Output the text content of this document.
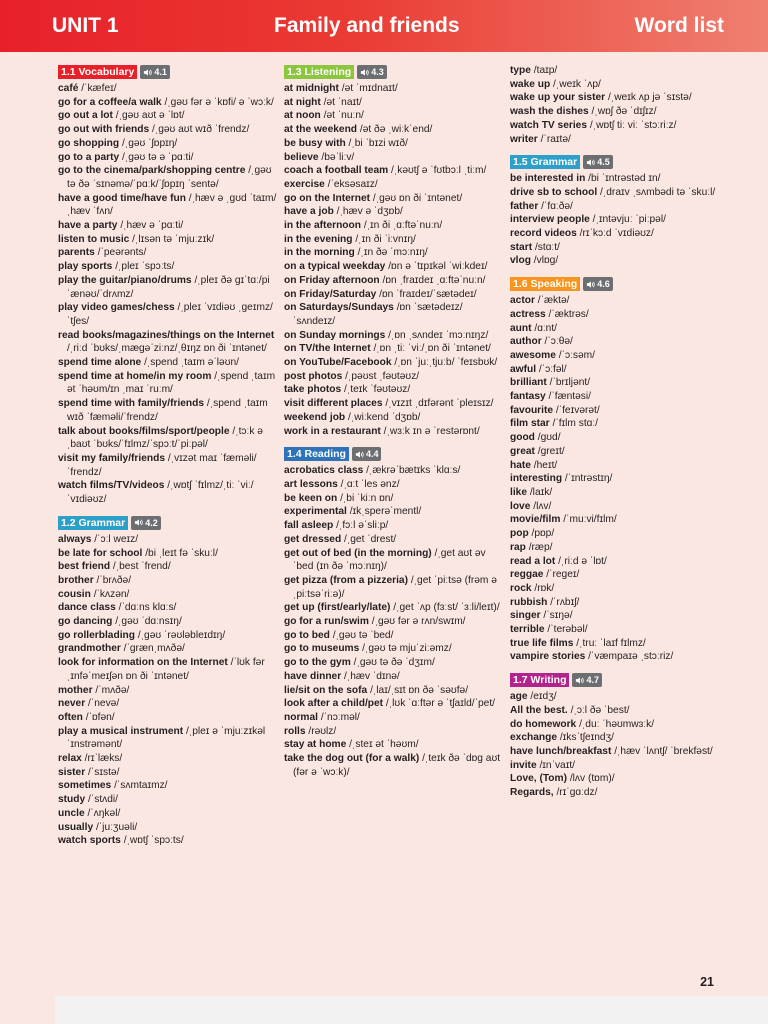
UNIT 1	Family and friends	Word list
1.1 Vocabulary	4.1
café /ˈkæfeɪ/
go for a coffee/a walk /ˌɡəʊ fər ə ˈkɒfi/ ə ˈwɔːk/
go out a lot /ˌɡəʊ aʊt ə ˈlɒt/
go out with friends /ˌɡəʊ aʊt wɪð ˈfrendz/
go shopping /ˌɡəʊ ˈʃɒpɪŋ/
go to a party /ˌɡəʊ tə ə ˈpɑːti/
go to the cinema/park/shopping centre /ˌɡəʊ tə ðə ˈsɪnəmə/ˈpɑːk/ˈʃɒpɪŋ ˈsentə/
have a good time/have fun /ˌhæv ə ˌɡʊd ˈtaɪm/ˌhæv ˈfʌn/
have a party /ˌhæv ə ˈpɑːti/
listen to music /ˌlɪsən tə ˈmjuːzɪk/
parents /ˈpeərənts/
play sports /ˌpleɪ ˈspɔːts/
play the guitar/piano/drums /ˌpleɪ ðə ɡɪˈtɑː/piˈænəʊ/ˈdrʌmz/
play video games/chess /ˌpleɪ ˈvɪdiəʊ ˌɡeɪmz/ˈtʃes/
read books/magazines/things on the Internet /ˌriːd ˈbʊks/ˌmæɡəˈziːnz/ˌθɪŋz ɒn ði ˈɪntənet/
spend time alone /ˌspend ˌtaɪm əˈləʊn/
spend time at home/in my room /ˌspend ˌtaɪm ət ˈhəʊm/ɪn ˌmaɪ ˈruːm/
spend time with family/friends /ˌspend ˌtaɪm wɪð ˈfæməli/ˈfrendz/
talk about books/films/sport/people /ˌtɔːk əˌbaʊt ˈbʊks/ˈfɪlmz/ˈspɔːt/ˈpiːpəl/
visit my family/friends /ˌvɪzət maɪ ˈfæməli/ˈfrendz/
watch films/TV/videos /ˌwɒtʃ ˈfɪlmz/ˌtiː ˈviː/ˈvɪdiəʊz/
1.2 Grammar	4.2
always /ˈɔːl weɪz/
be late for school /bi ˌleɪt fə ˈskuːl/
best friend /ˌbest ˈfrend/
brother /ˈbrʌðə/
cousin /ˈkʌzən/
dance class /ˈdɑːns klɑːs/
go dancing /ˌɡəʊ ˈdɑːnsɪŋ/
go rollerblading /ˌɡəʊ ˈrəʊləbleɪdɪŋ/
grandmother /ˈɡrænˌmʌðə/
look for information on the Internet /ˈlʊk fər ˌɪnfəˈmeɪʃən ɒn ði ˈɪntənet/
mother /ˈmʌðə/
never /ˈnevə/
often /ˈɒfən/
play a musical instrument /ˌpleɪ ə ˈmjuːzɪkəl ˈɪnstrəmənt/
relax /rɪˈlæks/
sister /ˈsɪstə/
sometimes /ˈsʌmtaɪmz/
study /ˈstʌdi/
uncle /ˈʌŋkəl/
usually /ˈjuːʒuəli/
watch sports /ˌwɒtʃ ˈspɔːts/
1.3 Listening	4.3
at midnight /ət ˈmɪdnaɪt/
at night /ət ˈnaɪt/
at noon /ət ˈnuːn/
at the weekend /ət ðə ˌwiːkˈend/
be busy with /ˌbi ˈbɪzi wɪð/
believe /bəˈliːv/
coach a football team /ˌkəʊtʃ ə ˈfʊtbɔːl ˌtiːm/
exercise /ˈeksəsaɪz/
go on the Internet /ˌɡəʊ ɒn ði ˈɪntənet/
have a job /ˌhæv ə ˈdʒɒb/
in the afternoon /ˌɪn ði ˌɑːftəˈnuːn/
in the evening /ˌɪn ði ˈiːvnɪŋ/
in the morning /ˌɪn ðə ˈmɔːnɪŋ/
on a typical weekday /ɒn ə ˈtɪpɪkəl ˈwiːkdeɪ/
on Friday afternoon /ɒn ˌfraɪdeɪ ˌɑːftəˈnuːn/
on Friday/Saturday /ɒn ˈfraɪdeɪ/ˈsætədeɪ/
on Saturdays/Sundays /ɒn ˈsætədeɪz/ ˈsʌndeɪz/
on Sunday mornings /ˌɒn ˌsʌndeɪ ˈmɔːnɪŋz/
on TV/the Internet /ˌɒn ˌtiː ˈviː/ˌɒn ði ˈɪntənet/
on YouTube/Facebook /ˌɒn ˈjuːˌtjuːb/ ˈfeɪsbʊk/
post photos /ˌpəʊst ˌfəʊtəʊz/
take photos /ˌteɪk ˈfəʊtəʊz/
visit different places /ˌvɪzɪt ˌdɪfərənt ˈpleɪsɪz/
weekend job /ˌwiːkend ˈdʒɒb/
work in a restaurant /ˌwɜːk ɪn ə ˈrestərɒnt/
1.4 Reading	4.4
acrobatics class /ˌækrəˈbætɪks ˈklɑːs/
art lessons /ˌɑːt ˈles ənz/
be keen on /ˌbi ˈkiːn ɒn/
experimental /ɪkˌsperəˈmentl/
fall asleep /ˌfɔːl əˈsliːp/
get dressed /ˌɡet ˈdrest/
get out of bed (in the morning) /ˌɡet aʊt əv ˈbed (ɪn ðə ˈmɔːnɪŋ)/
get pizza (from a pizzeria) /ˌɡet ˈpiːtsə (frəm ə ˌpiːtsəˈriːə)/
get up (first/early/late) /ˌɡet ˈʌp (fɜːst/ ˈɜːli/leɪt)/
go for a run/swim /ˌɡəʊ fər ə rʌn/swɪm/
go to bed /ˌɡəʊ tə ˈbed/
go to museums /ˌɡəʊ tə mjuˈziːəmz/
go to the gym /ˌɡəʊ tə ðə ˈdʒɪm/
have dinner /ˌhæv ˈdɪnə/
lie/sit on the sofa /ˌlaɪ/ˌsɪt ɒn ðə ˈsəʊfə/
look after a child/pet /ˌlʊk ˈɑːftər ə ˈtʃaɪld/ˈpet/
normal /ˈnɔːməl/
rolls /rəʊlz/
stay at home /ˌsteɪ ət ˈhəʊm/
take the dog out (for a walk) /ˌteɪk ðə ˈdɒɡ aʊt (fər ə ˈwɔːk)/
type /taɪp/
wake up /ˌweɪk ˈʌp/
wake up your sister /ˌweɪk ʌp jə ˈsɪstə/
wash the dishes /ˌwɒʃ ðə ˈdɪʃɪz/
watch TV series /ˌwɒtʃ tiː viː ˈstɔːriːz/
writer /ˈraɪtə/
1.5 Grammar	4.5
be interested in /bi ˈɪntrəstəd ɪn/
drive sb to school /ˌdraɪv ˌsʌmbədi tə ˈskuːl/
father /ˈfɑːðə/
interview people /ˌɪntəvjuː ˈpiːpəl/
record videos /rɪˈkɔːd ˈvɪdiəʊz/
start /stɑːt/
vlog /vlɒɡ/
1.6 Speaking	4.6
actor /ˈæktə/
actress /ˈæktrəs/
aunt /ɑːnt/
author /ˈɔːθə/
awesome /ˈɔːsəm/
awful /ˈɔːfəl/
brilliant /ˈbrɪljənt/
fantasy /ˈfæntəsi/
favourite /ˈfeɪvərət/
film star /ˈfɪlm stɑː/
good /ɡʊd/
great /ɡreɪt/
hate /heɪt/
interesting /ˈɪntrəstɪŋ/
like /laɪk/
love /lʌv/
movie/film /ˈmuːvi/fɪlm/
pop /pɒp/
rap /ræp/
read a lot /ˌriːd ə ˈlɒt/
reggae /ˈreɡeɪ/
rock /rɒk/
rubbish /ˈrʌbɪʃ/
singer /ˈsɪŋə/
terrible /ˈterəbəl/
true life films /ˌtruː ˈlaɪf fɪlmz/
vampire stories /ˈvæmpaɪə ˌstɔːriz/
1.7 Writing	4.7
age /eɪdʒ/
All the best. /ˌɔːl ðə ˈbest/
do homework /ˌduː ˈhəʊmwɜːk/
exchange /ɪksˈtʃeɪndʒ/
have lunch/breakfast /ˌhæv ˈlʌntʃ/ ˈbrekfəst/
invite /ɪnˈvaɪt/
Love, (Tom) /lʌv (tɒm)/
Regards, /rɪˈɡɑːdz/
21
